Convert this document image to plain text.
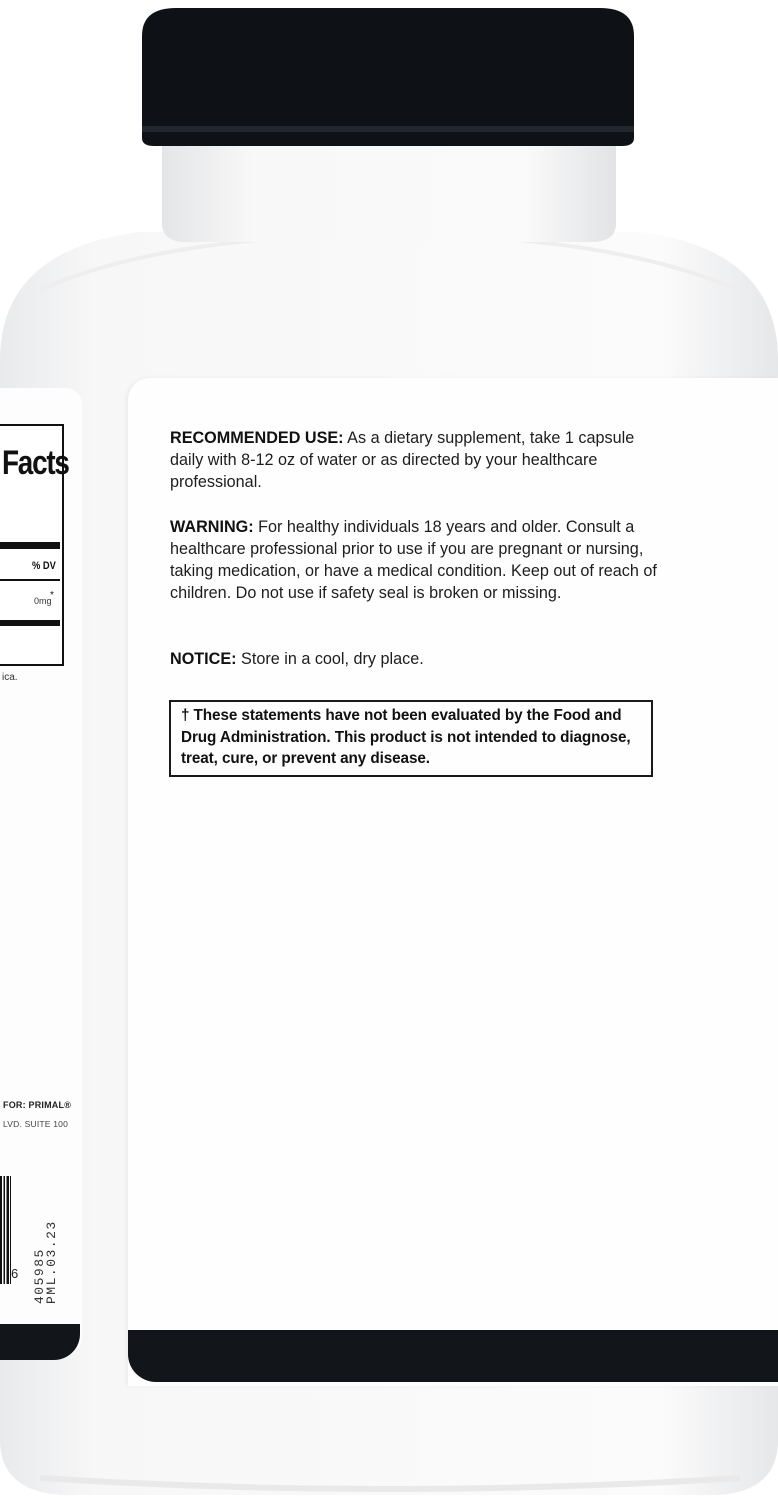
Facts
% DV
0mg
*
ica.
FOR: PRIMAL®
LVD. SUITE 100
6 405985
PML.03.23
RECOMMENDED USE: As a dietary supplement, take 1 capsule daily with 8-12 oz of water or as directed by your healthcare professional.
WARNING: For healthy individuals 18 years and older. Consult a healthcare professional prior to use if you are pregnant or nursing, taking medication, or have a medical condition. Keep out of reach of children. Do not use if safety seal is broken or missing.
NOTICE: Store in a cool, dry place.
† These statements have not been evaluated by the Food and Drug Administration. This product is not intended to diagnose, treat, cure, or prevent any disease.
